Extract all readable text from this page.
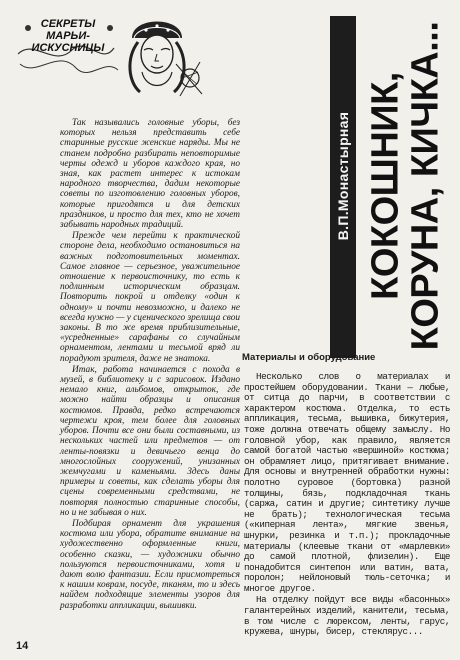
СЕКРЕТЫ
МАРЬИ-
ИСКУСНИЦЫ

Так назывались головные уборы, без которых нельзя представить себе старинные русские женские наряды. Мы не станем подробно разбирать неповторимые черты одежд и уборов каждого края, но зная, как растет интерес к истокам народного творчества, дадим некоторые советы по изготовлению головных уборов, которые пригодятся и для детских праздников, и просто для тех, кто не хочет забывать народных традиций.

Прежде чем перейти к практической стороне дела, необходимо остановиться на важных подготовительных моментах. Самое главное — серьезное, уважительное отношение к первоисточнику, то есть к подлинным историческим образцам. Повторить покрой и отделку «один к одному» и почти невозможно, и далеко не всегда нужно — у сценического зрелища свои законы. В то же время приблизительные, «усредненные» сарафаны со случайным орнаментом, лентами и тесьмой вряд ли порадуют зрителя, даже не знатока.

Итак, работа начинается с похода в музей, в библиотеку и с зарисовок. Издано немало книг, альбомов, открыток, где можно найти образцы и описания костюмов. Правда, редко встречаются чертежи кроя, тем более для головных уборов. Почти все они были составными, из нескольких частей или предметов — от ленты-повязки и девичьего венца до многослойных сооружений, унизанных жемчугами и каменьями. Здесь даны примеры и советы, как сделать уборы для сцены современными средствами, не повторяя полностью старинные способы, но и не забывая о них.

Подбирая орнамент для украшения костюма или убора, обратите внимание на художественно оформленные книги, особенно сказки, — художники обычно пользуются первоисточниками, хотя и дают волю фантазии. Если присмотреться к нашим коврам, посуде, тканям, то и здесь найдем подходящие элементы узоров для разработки аппликации, вышивки.

В.П.Монастырная КОКОШНИК,
КОРУНА, КИЧКА...
Материалы и оборудование

Несколько слов о материалах и простейшем оборудовании. Ткани — любые, от ситца до парчи, в соответствии с характером костюма. Отделка, то есть аппликация, тесьма, вышивка, бижутерия, тоже должна отвечать общему замыслу. Но головной убор, как правило, является самой богатой частью «вершиной» костюма; он обрамляет лицо, притягивает внимание. Для основы и внутренней обработки нужны: полотно суровое (бортовка) разной толщины, бязь, подкладочная ткань (саржа, сатин и другие; синтетику лучше не брать); технологическая тесьма («киперная лента», мягкие звенья, шнурки, резинка и т.п.); прокладочные материалы (клеевые ткани от «марлевки» до самой плотной, флизелин). Еще понадобится синтепон или ватин, вата, поролон; нейлоновый тюль-сеточка; и многое другое.

На отделку пойдут все виды «басонных» галантерейных изделий, канители, тесьма, в том числе с люрексом, ленты, гарус, кружева, шнуры, бисер, стеклярус...

14
